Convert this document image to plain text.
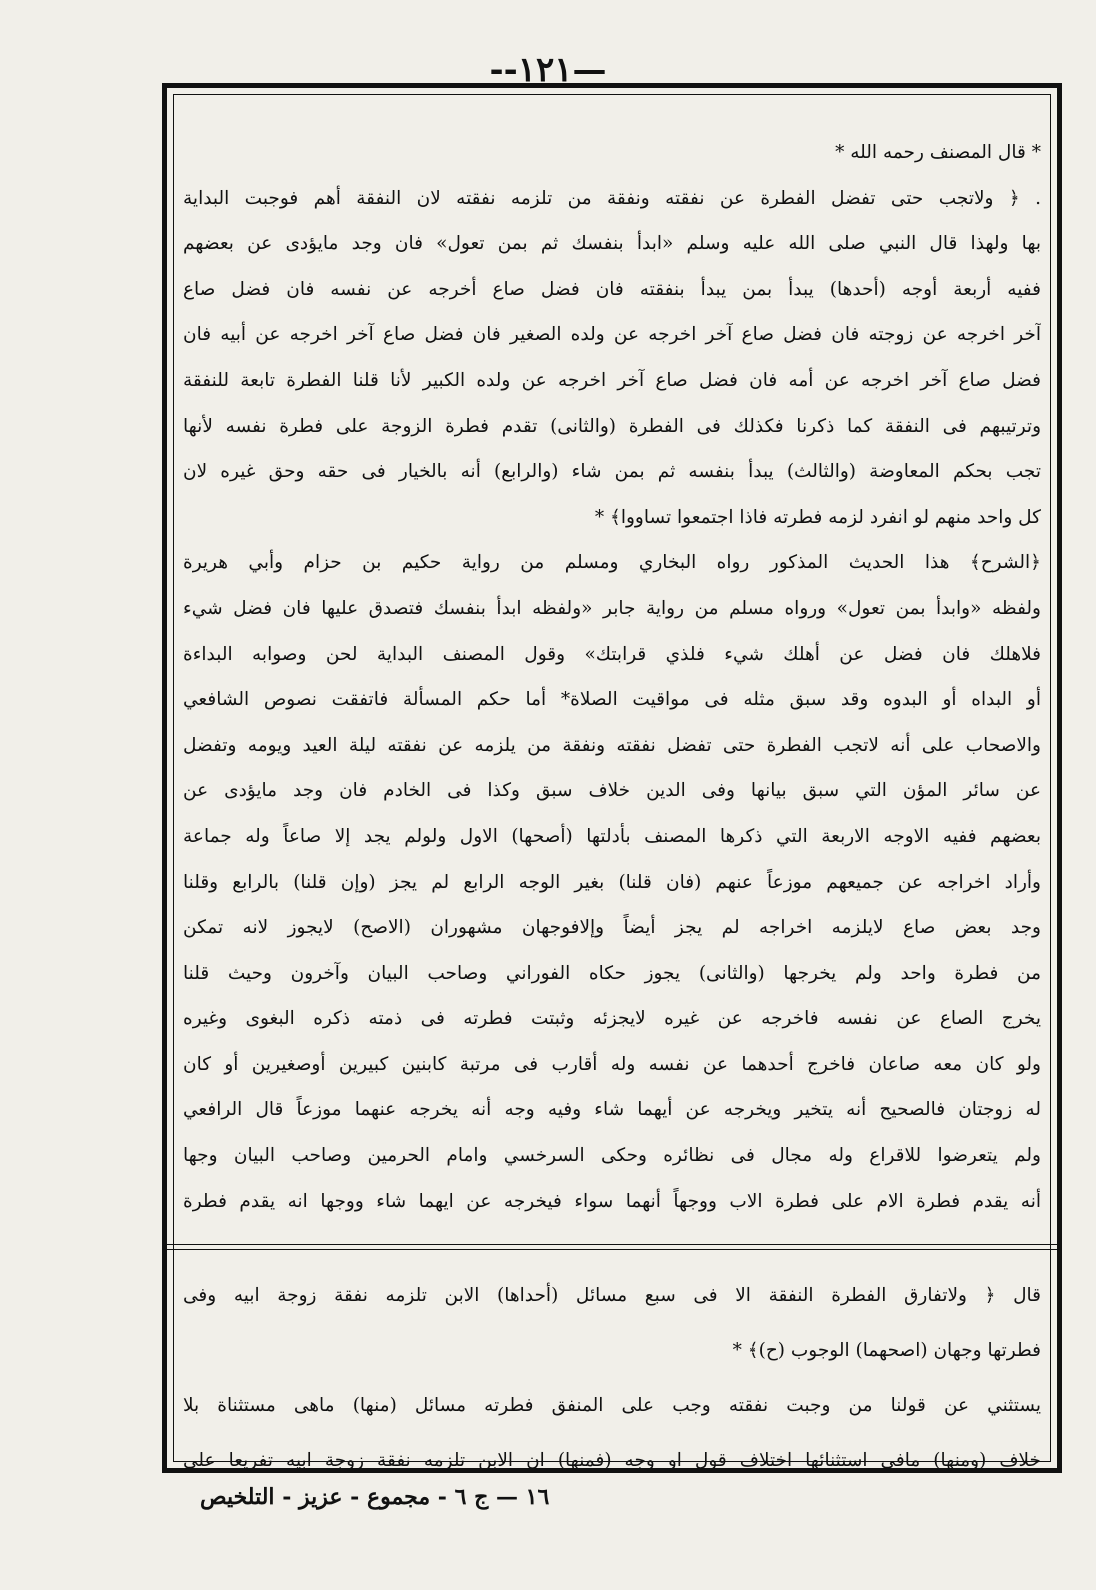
—١٢١--
* قال المصنف رحمه الله *
. ﴿ ولاتجب حتى تفضل الفطرة عن نفقته ونفقة من تلزمه نفقته لان النفقة أهم فوجبت البداية
بها ولهذا قال النبي صلى الله عليه وسلم «ابدأ بنفسك ثم بمن تعول» فان وجد مايؤدى عن بعضهم
ففيه أربعة أوجه (أحدها) يبدأ بمن يبدأ بنفقته فان فضل صاع أخرجه عن نفسه فان فضل صاع
آخر اخرجه عن زوجته فان فضل صاع آخر اخرجه عن ولده الصغير فان فضل صاع آخر اخرجه عن أبيه فان
فضل صاع آخر اخرجه عن أمه فان فضل صاع آخر اخرجه عن ولده الكبير لأنا قلنا الفطرة تابعة للنفقة
وترتيبهم فى النفقة كما ذكرنا فكذلك فى الفطرة (والثانى) تقدم فطرة الزوجة على فطرة نفسه لأنها
تجب بحكم المعاوضة (والثالث) يبدأ بنفسه ثم بمن شاء (والرابع) أنه بالخيار فى حقه وحق غيره لان
كل واحد منهم لو انفرد لزمه فطرته فاذا اجتمعوا تساووا﴾ *
﴿الشرح﴾ هذا الحديث المذكور رواه البخاري ومسلم من رواية حكيم بن حزام وأبي هريرة
ولفظه «وابدأ بمن تعول» ورواه مسلم من رواية جابر «ولفظه ابدأ بنفسك فتصدق عليها فان فضل شيء
فلاهلك فان فضل عن أهلك شيء فلذي قرابتك» وقول المصنف البداية لحن وصوابه البداءة
أو البداه أو البدوه وقد سبق مثله فى مواقيت الصلاة* أما حكم المسألة فاتفقت نصوص الشافعي
والاصحاب على أنه لاتجب الفطرة حتى تفضل نفقته ونفقة من يلزمه عن نفقته ليلة العيد ويومه وتفضل
عن سائر المؤن التي سبق بيانها وفى الدين خلاف سبق وكذا فى الخادم فان وجد مايؤدى عن
بعضهم ففيه الاوجه الاربعة التي ذكرها المصنف بأدلتها (أصحها) الاول ولولم يجد إلا صاعاً وله جماعة
وأراد اخراجه عن جميعهم موزعاً عنهم (فان قلنا) بغير الوجه الرابع لم يجز (وإن قلنا) بالرابع وقلنا
وجد بعض صاع لايلزمه اخراجه لم يجز أيضاً وإلافوجهان مشهوران (الاصح) لايجوز لانه تمكن
من فطرة واحد ولم يخرجها (والثانى) يجوز حكاه الفوراني وصاحب البيان وآخرون وحيث قلنا
يخرج الصاع عن نفسه فاخرجه عن غيره لايجزئه وثبتت فطرته فى ذمته ذكره البغوى وغيره
ولو كان معه صاعان فاخرج أحدهما عن نفسه وله أقارب فى مرتبة كابنين كبيرين أوصغيرين أو كان
له زوجتان فالصحيح أنه يتخير ويخرجه عن أيهما شاء وفيه وجه أنه يخرجه عنهما موزعاً قال الرافعي
ولم يتعرضوا للاقراع وله مجال فى نظائره وحكى السرخسي وامام الحرمين وصاحب البيان وجها
أنه يقدم فطرة الام على فطرة الاب ووجهاً أنهما سواء فيخرجه عن ايهما شاء ووجها انه يقدم فطرة
قال ﴿ ولاتفارق الفطرة النفقة الا فى سبع مسائل (أحداها) الابن تلزمه نفقة زوجة ابيه وفى
فطرتها وجهان (اصحهما) الوجوب (ح)﴾ *
يستثني عن قولنا من وجبت نفقته وجب على المنفق فطرته مسائل (منها) ماهى مستثناة بلا
خلاف (ومنها) مافى استثنائها اختلاف قول او وجه (فمنها) ان الابن تلزمه نفقة زوجة ابيه تفريعا على
١٦ — ج ٦ - مجموع - عزيز - التلخيص
